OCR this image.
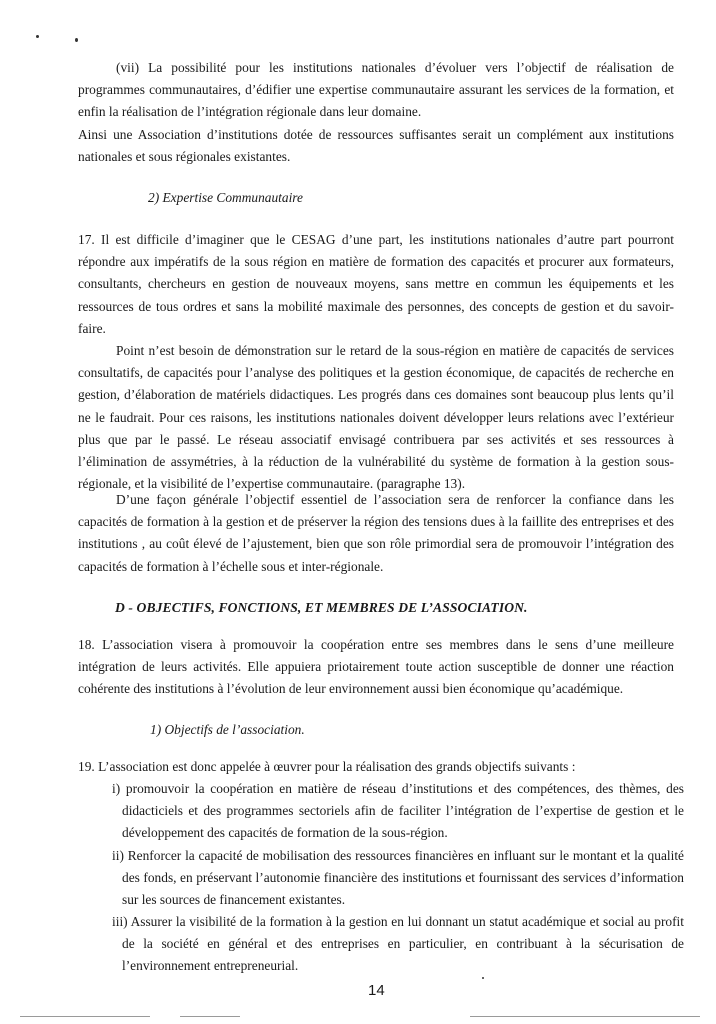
(vii) La possibilité pour les institutions nationales d’évoluer vers l’objectif de réalisation de programmes communautaires, d’édifier une expertise communautaire assurant les services de la formation, et enfin la réalisation de l’intégration régionale dans leur domaine.

Ainsi une Association d’institutions dotée de ressources suffisantes serait un complément aux institutions nationales et sous régionales existantes.

2) Expertise Communautaire

17. Il est difficile d’imaginer que le CESAG d’une part, les institutions nationales d’autre part pourront répondre aux impératifs de la sous région en matière de formation des capacités et procurer aux formateurs, consultants, chercheurs en gestion de nouveaux moyens, sans mettre en commun les équipements et les ressources de tous ordres et sans la mobilité maximale des personnes, des concepts de gestion et du savoir-faire.

Point n’est besoin de démonstration sur le retard de la sous-région en matière de capacités de services consultatifs, de capacités pour l’analyse des politiques et la gestion économique, de capacités de recherche en gestion, d’élaboration de matériels didactiques. Les progrés dans ces domaines sont beaucoup plus lents qu’il ne le faudrait. Pour ces raisons, les institutions nationales doivent développer leurs relations avec l’extérieur plus que par le passé. Le réseau associatif envisagé contribuera par ses activités et ses ressources à l’élimination de assymétries, à la réduction de la vulnérabilité du système de formation à la gestion sous-régionale, et la visibilité de l’expertise communautaire. (paragraphe 13).

D’une façon générale l’objectif essentiel de l’association sera de renforcer la confiance dans les capacités de formation à la gestion et de préserver la région des tensions dues à la faillite des entreprises et des institutions , au coût élevé de l’ajustement, bien que son rôle primordial sera de promouvoir l’intégration des capacités de formation à l’échelle sous et inter-régionale.

D - OBJECTIFS, FONCTIONS, ET MEMBRES DE L’ASSOCIATION.

18. L’association visera à promouvoir la coopération entre ses membres dans le sens d’une meilleure intégration de leurs activités. Elle appuiera priotairement toute action susceptible de donner une réaction cohérente des institutions à l’évolution de leur environnement aussi bien économique qu’académique.

1) Objectifs de l’association.

19. L’association est donc appelée à œuvrer pour la réalisation des grands objectifs suivants :

i) promouvoir la coopération en matière de réseau d’institutions et des compétences, des thèmes, des didacticiels et des programmes sectoriels afin de faciliter l’intégration de l’expertise de gestion et le développement des capacités de formation de la sous-région.

ii) Renforcer la capacité de mobilisation des ressources financières en influant sur le montant et la qualité des fonds, en préservant l’autonomie financière des institutions et fournissant des services d’information sur les sources de financement existantes.

iii) Assurer la visibilité de la formation à la gestion en lui donnant un statut académique et social au profit de la société en général et des entreprises en particulier, en contribuant à la sécurisation de l’environnement entrepreneurial.

14
